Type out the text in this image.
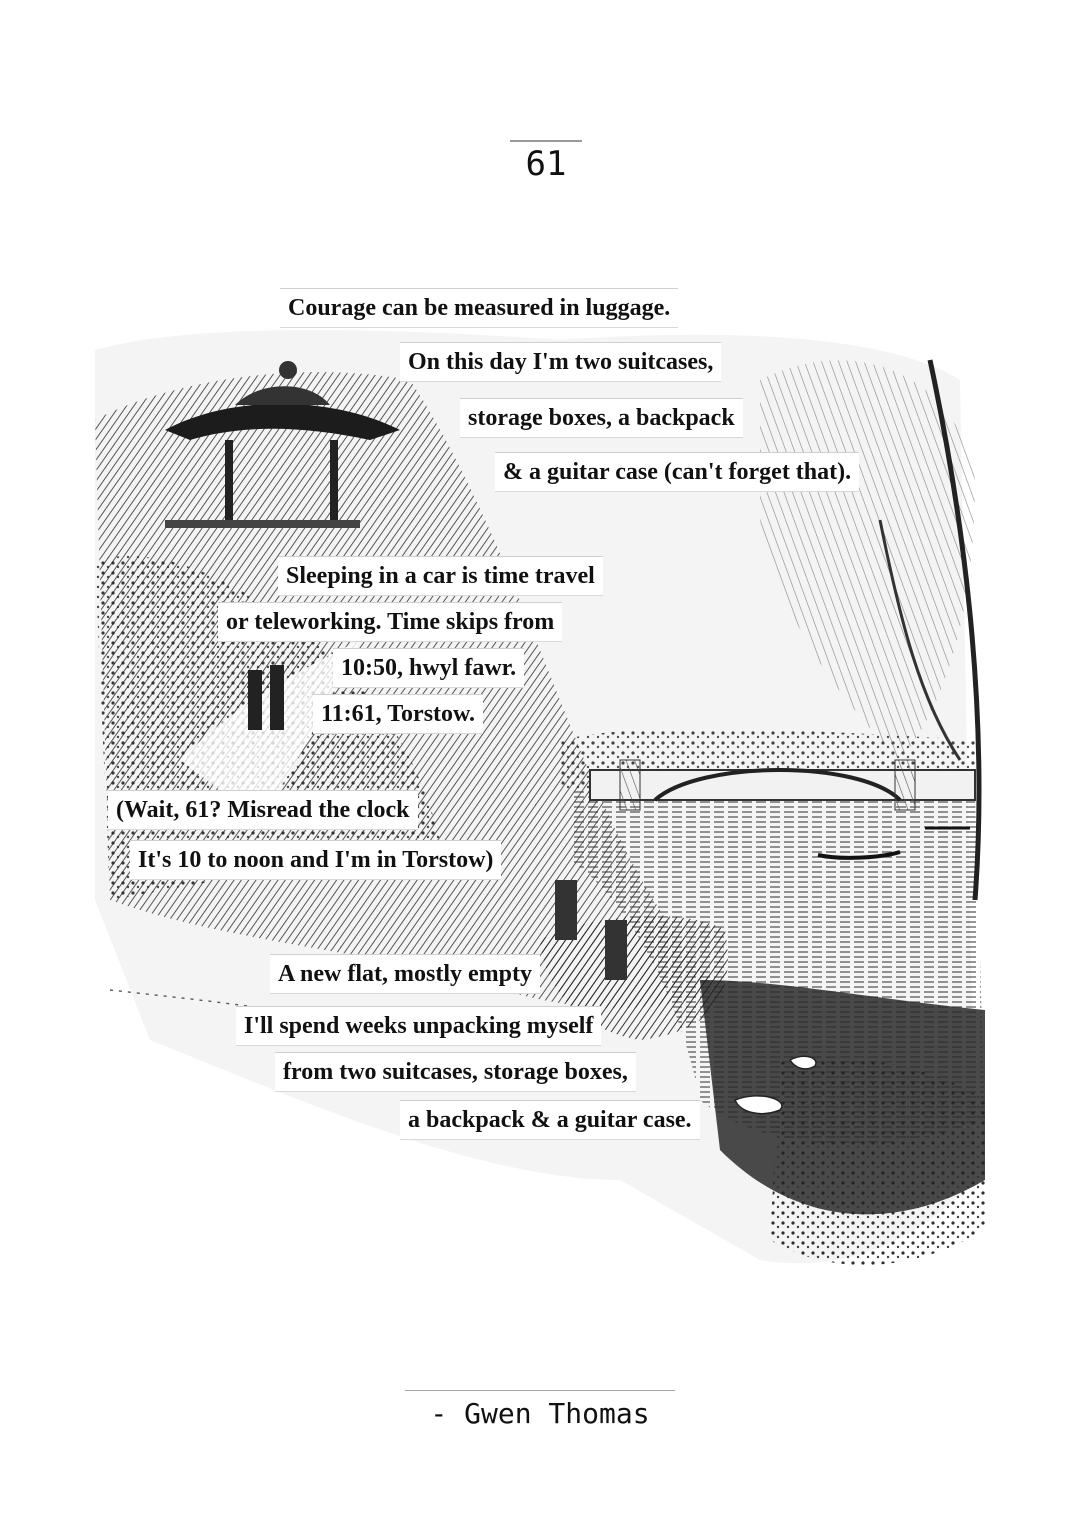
61
Courage can be measured in luggage.
On this day I'm two suitcases,
storage boxes, a backpack
& a guitar case (can't forget that).
Sleeping in a car is time travel
or teleworking. Time skips from
10:50, hwyl fawr.
11:61, Torstow.
(Wait, 61? Misread the clock
It's 10 to noon and I'm in Torstow)
A new flat, mostly empty
I'll spend weeks unpacking myself
from two suitcases, storage boxes,
a backpack & a guitar case.
- Gwen Thomas
